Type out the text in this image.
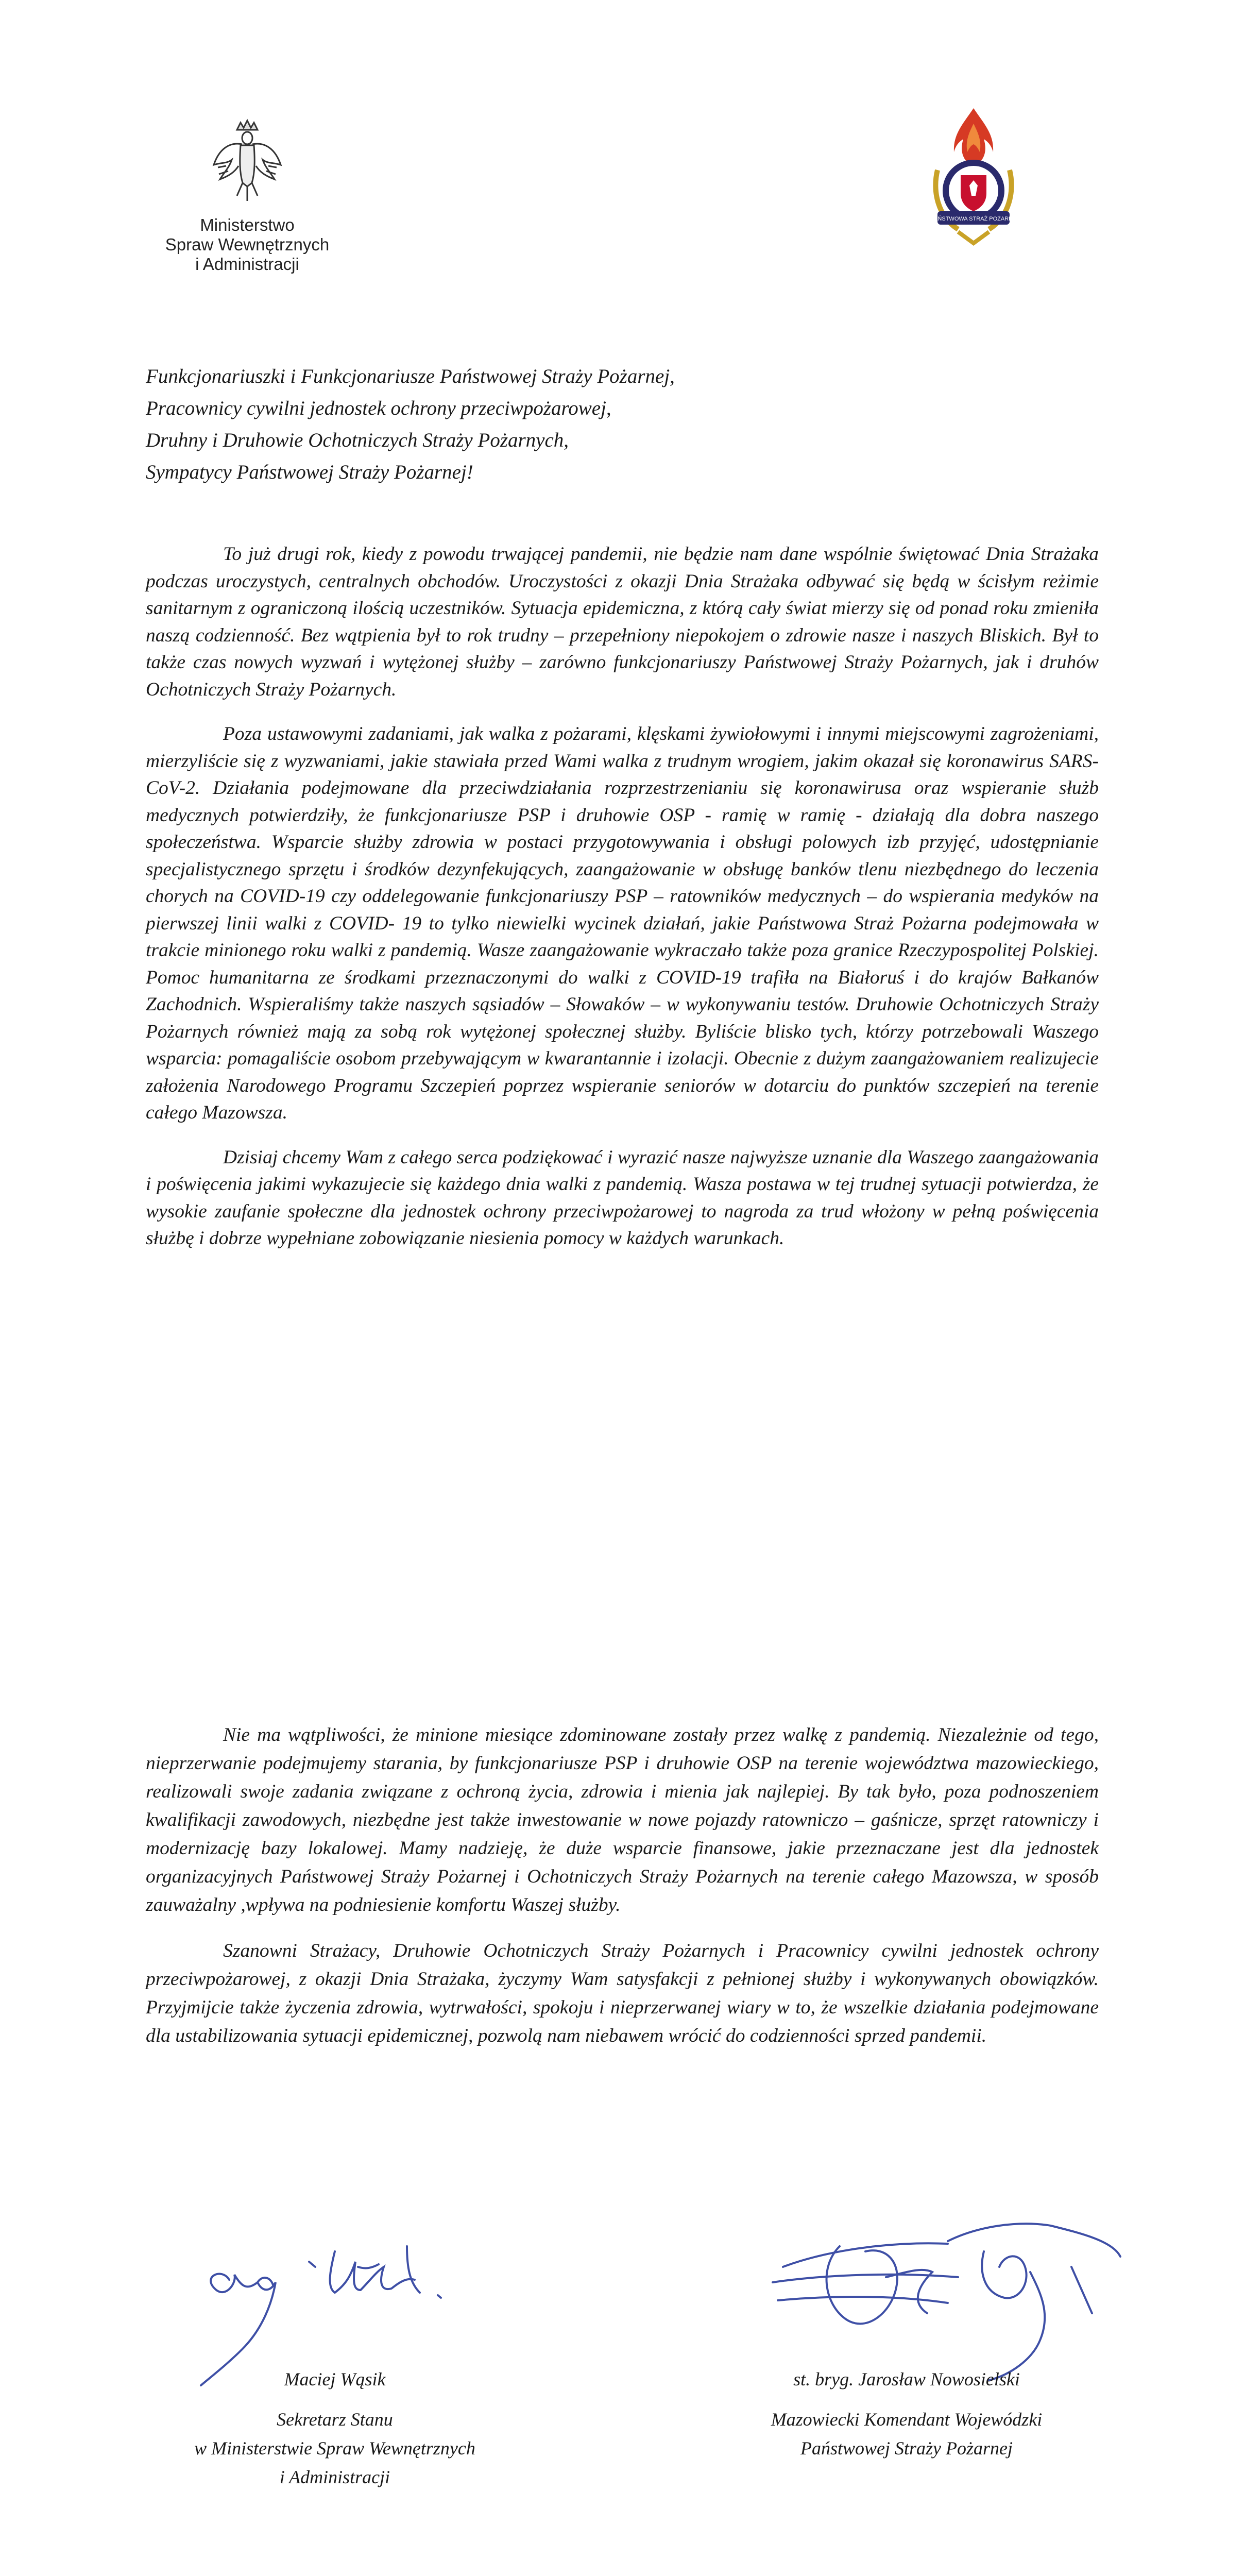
Ministerstwo
Spraw Wewnętrznych
i Administracji
PAŃSTWOWA STRAŻ POŻARNA
Funkcjonariuszki i Funkcjonariusze Państwowej Straży Pożarnej,
Pracownicy cywilni jednostek ochrony przeciwpożarowej,
Druhny i Druhowie Ochotniczych Straży Pożarnych,
Sympatycy Państwowej Straży Pożarnej!

To już drugi rok, kiedy z powodu trwającej pandemii, nie będzie nam dane wspólnie świętować Dnia Strażaka podczas uroczystych, centralnych obchodów. Uroczystości z okazji Dnia Strażaka odbywać się będą w ścisłym reżimie sanitarnym z ograniczoną ilością uczestników. Sytuacja epidemiczna, z którą cały świat mierzy się od ponad roku zmieniła naszą codzienność. Bez wątpienia był to rok trudny – przepełniony niepokojem o zdrowie nasze i naszych Bliskich. Był to także czas nowych wyzwań i wytężonej służby – zarówno funkcjonariuszy Państwowej Straży Pożarnych, jak i druhów Ochotniczych Straży Pożarnych.

Poza ustawowymi zadaniami, jak walka z pożarami, klęskami żywiołowymi i innymi miejscowymi zagrożeniami, mierzyliście się z wyzwaniami, jakie stawiała przed Wami walka z trudnym wrogiem, jakim okazał się koronawirus SARS-CoV-2. Działania podejmowane dla przeciwdziałania rozprzestrzenianiu się koronawirusa oraz wspieranie służb medycznych potwierdziły, że funkcjonariusze PSP i druhowie OSP - ramię w ramię - działają dla dobra naszego społeczeństwa. Wsparcie służby zdrowia w postaci przygotowywania i obsługi polowych izb przyjęć, udostępnianie specjalistycznego sprzętu i środków dezynfekujących, zaangażowanie w obsługę banków tlenu niezbędnego do leczenia chorych na COVID-19 czy oddelegowanie funkcjonariuszy PSP – ratowników medycznych – do wspierania medyków na pierwszej linii walki z COVID- 19 to tylko niewielki wycinek działań, jakie Państwowa Straż Pożarna podejmowała w trakcie minionego roku walki z pandemią. Wasze zaangażowanie wykraczało także poza granice Rzeczypospolitej Polskiej. Pomoc humanitarna ze środkami przeznaczonymi do walki z COVID-19 trafiła na Białoruś i do krajów Bałkanów Zachodnich. Wspieraliśmy także naszych sąsiadów – Słowaków – w wykonywaniu testów. Druhowie Ochotniczych Straży Pożarnych również mają za sobą rok wytężonej społecznej służby. Byliście blisko tych, którzy potrzebowali Waszego wsparcia: pomagaliście osobom przebywającym w kwarantannie i izolacji. Obecnie z dużym zaangażowaniem realizujecie założenia Narodowego Programu Szczepień poprzez wspieranie seniorów w dotarciu do punktów szczepień na terenie całego Mazowsza.

Dzisiaj chcemy Wam z całego serca podziękować i wyrazić nasze najwyższe uznanie dla Waszego zaangażowania i poświęcenia jakimi wykazujecie się każdego dnia walki z pandemią. Wasza postawa w tej trudnej sytuacji potwierdza, że wysokie zaufanie społeczne dla jednostek ochrony przeciwpożarowej to nagroda za trud włożony w pełną poświęcenia służbę i dobrze wypełniane zobowiązanie niesienia pomocy w każdych warunkach.

Nie ma wątpliwości, że minione miesiące zdominowane zostały przez walkę z pandemią. Niezależnie od tego, nieprzerwanie podejmujemy starania, by funkcjonariusze PSP i druhowie OSP na terenie województwa mazowieckiego, realizowali swoje zadania związane z ochroną życia, zdrowia i mienia jak najlepiej. By tak było, poza podnoszeniem kwalifikacji zawodowych, niezbędne jest także inwestowanie w nowe pojazdy ratowniczo – gaśnicze, sprzęt ratowniczy i modernizację bazy lokalowej. Mamy nadzieję, że duże wsparcie finansowe, jakie przeznaczane jest dla jednostek organizacyjnych Państwowej Straży Pożarnej i Ochotniczych Straży Pożarnych na terenie całego Mazowsza, w sposób zauważalny ,wpływa na podniesienie komfortu Waszej służby.

Szanowni Strażacy, Druhowie Ochotniczych Straży Pożarnych i Pracownicy cywilni jednostek ochrony przeciwpożarowej, z okazji Dnia Strażaka, życzymy Wam satysfakcji z pełnionej służby i wykonywanych obowiązków. Przyjmijcie także życzenia zdrowia, wytrwałości, spokoju i nieprzerwanej wiary w to, że wszelkie działania podejmowane dla ustabilizowania sytuacji epidemicznej, pozwolą nam niebawem wrócić do codzienności sprzed pandemii.

Maciej Wąsik
Sekretarz Stanu
w Ministerstwie Spraw Wewnętrznych
i Administracji
st. bryg. Jarosław Nowosielski
Mazowiecki Komendant Wojewódzki
Państwowej Straży Pożarnej
